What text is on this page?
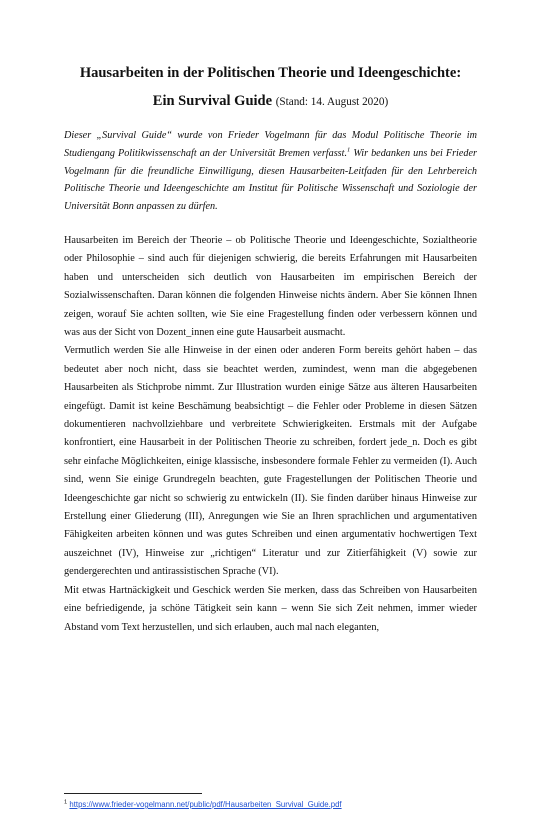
Hausarbeiten in der Politischen Theorie und Ideengeschichte:
Ein Survival Guide (Stand: 14. August 2020)
Dieser „Survival Guide“ wurde von Frieder Vogelmann für das Modul Politische Theorie im Studiengang Politikwissenschaft an der Universität Bremen verfasst.$^1$ Wir bedanken uns bei Frieder Vogelmann für die freundliche Einwilligung, diesen Hausarbeiten-Leitfaden für den Lehrbereich Politische Theorie und Ideengeschichte am Institut für Politische Wissenschaft und Soziologie der Universität Bonn anpassen zu dürfen.

Hausarbeiten im Bereich der Theorie – ob Politische Theorie und Ideengeschichte, Sozialtheorie oder Philosophie – sind auch für diejenigen schwierig, die bereits Erfahrungen mit Hausarbeiten haben und unterscheiden sich deutlich von Hausarbeiten im empirischen Bereich der Sozialwissenschaften. Daran können die folgenden Hinweise nichts ändern. Aber Sie können Ihnen zeigen, worauf Sie achten sollten, wie Sie eine Fragestellung finden oder verbessern können und was aus der Sicht von Dozent_innen eine gute Hausarbeit ausmacht.

Vermutlich werden Sie alle Hinweise in der einen oder anderen Form bereits gehört haben – das bedeutet aber noch nicht, dass sie beachtet werden, zumindest, wenn man die abgegebenen Hausarbeiten als Stichprobe nimmt. Zur Illustration wurden einige Sätze aus älteren Hausarbeiten eingefügt. Damit ist keine Beschämung beabsichtigt – die Fehler oder Probleme in diesen Sätzen dokumentieren nachvollziehbare und verbreitete Schwierigkeiten. Erstmals mit der Aufgabe konfrontiert, eine Hausarbeit in der Politischen Theorie zu schreiben, fordert jede_n. Doch es gibt sehr einfache Möglichkeiten, einige klassische, insbesondere formale Fehler zu vermeiden (I). Auch sind, wenn Sie einige Grundregeln beachten, gute Fragestellungen der Politischen Theorie und Ideengeschichte gar nicht so schwierig zu entwickeln (II). Sie finden darüber hinaus Hinweise zur Erstellung einer Gliederung (III), Anregungen wie Sie an Ihren sprachlichen und argumentativen Fähigkeiten arbeiten können und was gutes Schreiben und einen argumentativ hochwertigen Text auszeichnet (IV), Hinweise zur „richtigen“ Literatur und zur Zitierfähigkeit (V) sowie zur gendergerechten und antirassistischen Sprache (VI).

Mit etwas Hartnäckigkeit und Geschick werden Sie merken, dass das Schreiben von Hausarbeiten eine befriedigende, ja schöne Tätigkeit sein kann – wenn Sie sich Zeit nehmen, immer wieder Abstand vom Text herzustellen, und sich erlauben, auch mal nach eleganten,

$^1$ https://www.frieder-vogelmann.net/public/pdf/Hausarbeiten_Survival_Guide.pdf
